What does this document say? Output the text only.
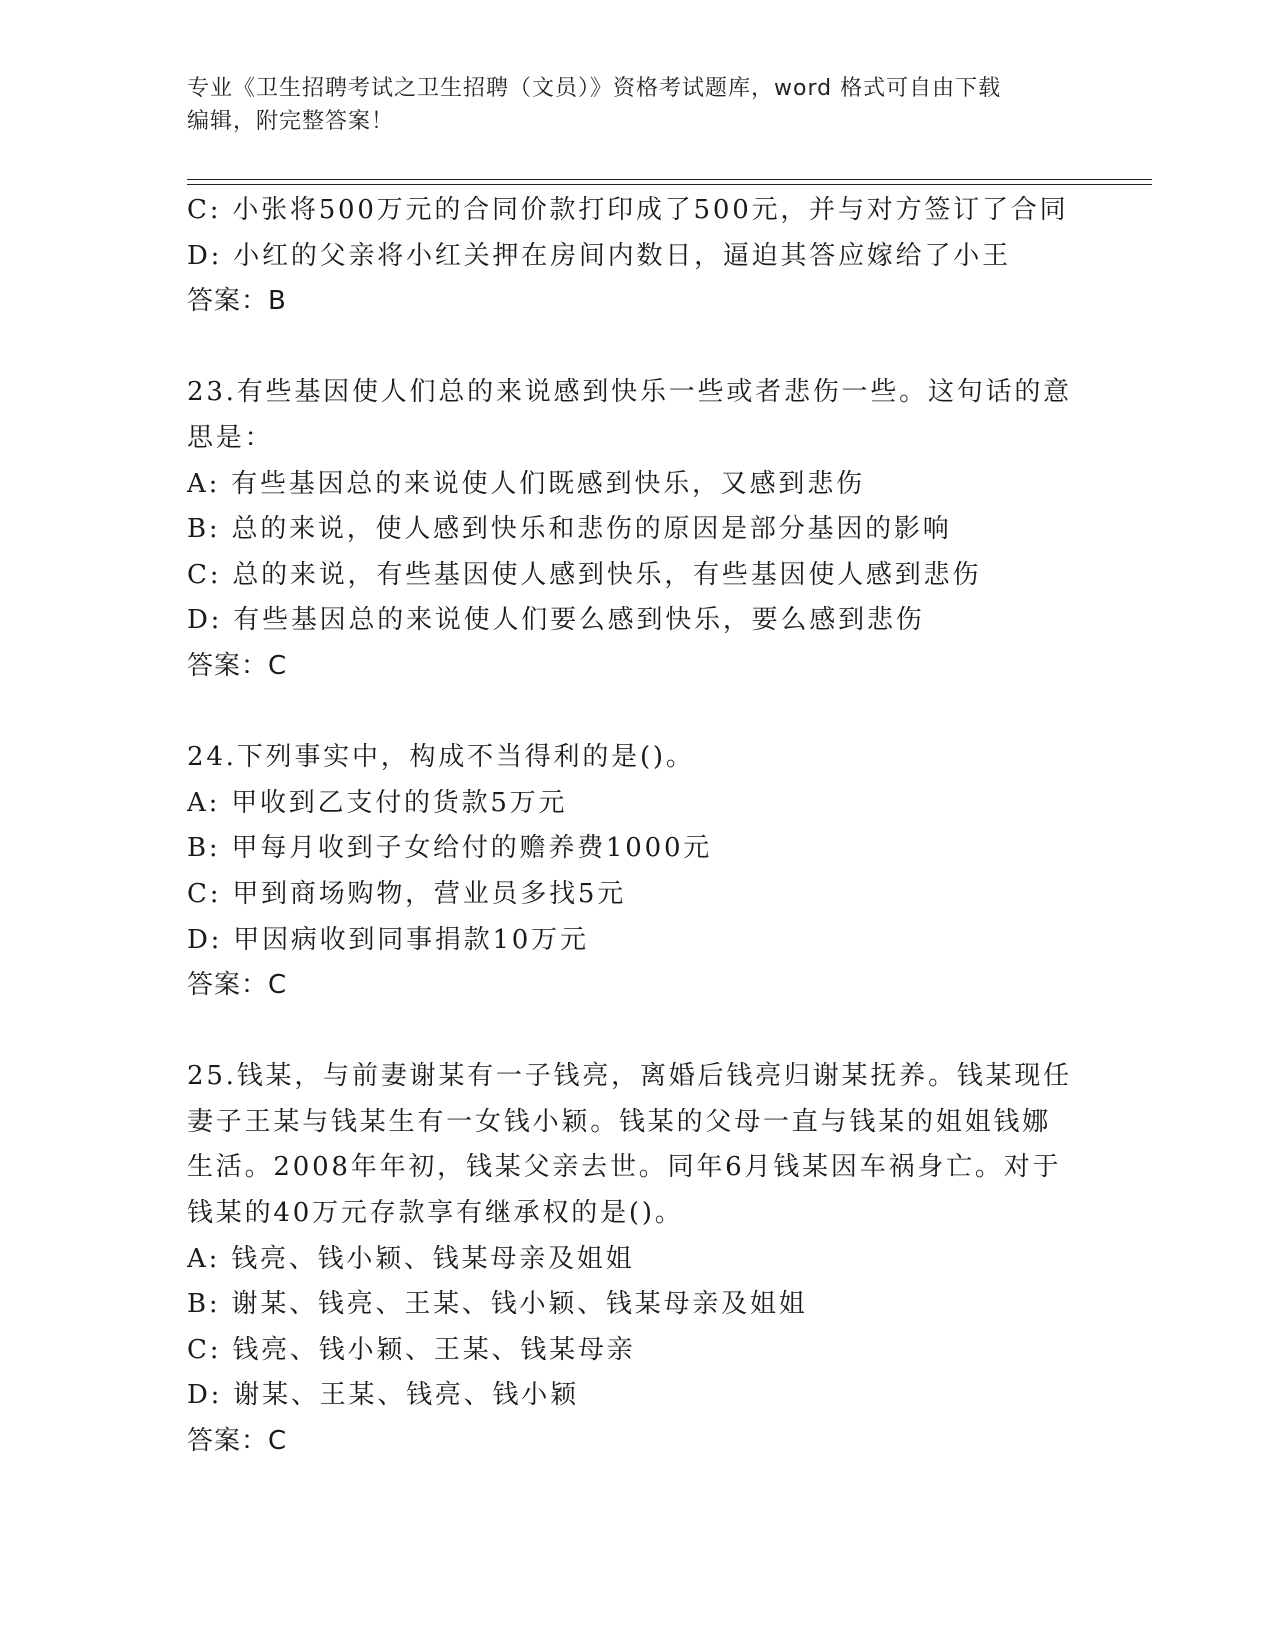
专业《卫生招聘考试之卫生招聘（文员）》资格考试题库，word 格式可自由下载
编辑，附完整答案！
C: 小张将500万元的合同价款打印成了500元，并与对方签订了合同
D: 小红的父亲将小红关押在房间内数日，逼迫其答应嫁给了小王
答案：B
23.有些基因使人们总的来说感到快乐一些或者悲伤一些。这句话的意
思是：
A: 有些基因总的来说使人们既感到快乐，又感到悲伤
B: 总的来说，使人感到快乐和悲伤的原因是部分基因的影响
C: 总的来说，有些基因使人感到快乐，有些基因使人感到悲伤
D: 有些基因总的来说使人们要么感到快乐，要么感到悲伤
答案：C
24.下列事实中，构成不当得利的是()。
A: 甲收到乙支付的货款5万元
B: 甲每月收到子女给付的赡养费1000元
C: 甲到商场购物，营业员多找5元
D: 甲因病收到同事捐款10万元
答案：C
25.钱某，与前妻谢某有一子钱亮，离婚后钱亮归谢某抚养。钱某现任
妻子王某与钱某生有一女钱小颖。钱某的父母一直与钱某的姐姐钱娜
生活。2008年年初，钱某父亲去世。同年6月钱某因车祸身亡。对于
钱某的40万元存款享有继承权的是()。
A: 钱亮、钱小颖、钱某母亲及姐姐
B: 谢某、钱亮、王某、钱小颖、钱某母亲及姐姐
C: 钱亮、钱小颖、王某、钱某母亲
D: 谢某、王某、钱亮、钱小颖
答案：C
